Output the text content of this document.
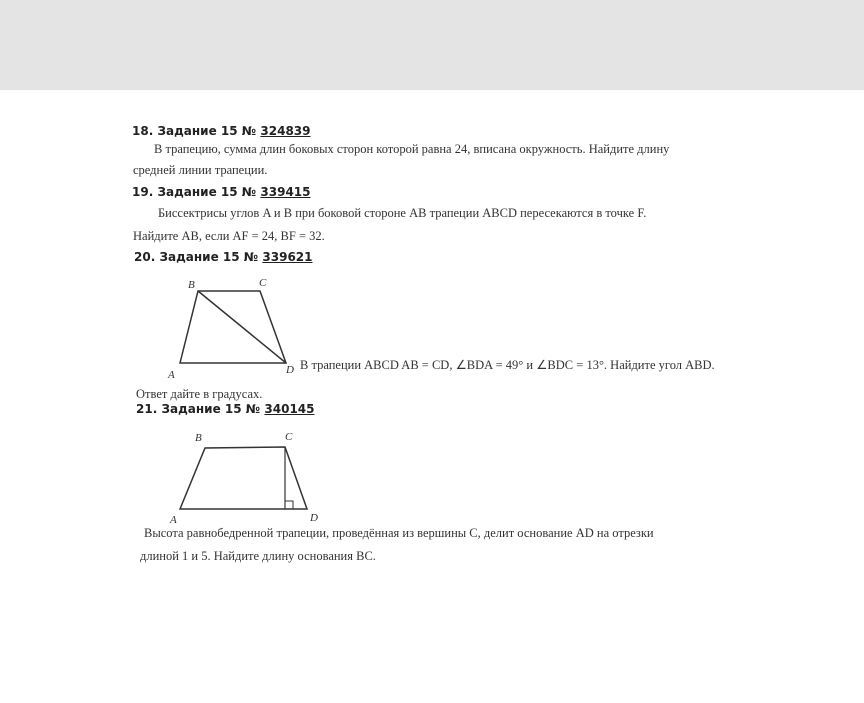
18. Задание 15 № 324839
В трапецию, сумма длин боковых сторон которой равна 24, вписана окружность. Найдите длину
средней линии трапеции.
19. Задание 15 № 339415
Биссектрисы углов A и B при боковой стороне AB трапеции ABCD пересекаются в точке F.
Найдите AB, если AF = 24, BF = 32.
20. Задание 15 № 339621
B	C
A	D В трапеции ABCD AB = CD, ∠BDA = 49° и ∠BDC = 13°. Найдите угол ABD.
Ответ дайте в градусах.
21. Задание 15 № 340145
B	C
A	D
Высота равнобедренной трапеции, проведённая из вершины C, делит основание AD на отрезки
длиной 1 и 5. Найдите длину основания BC.
